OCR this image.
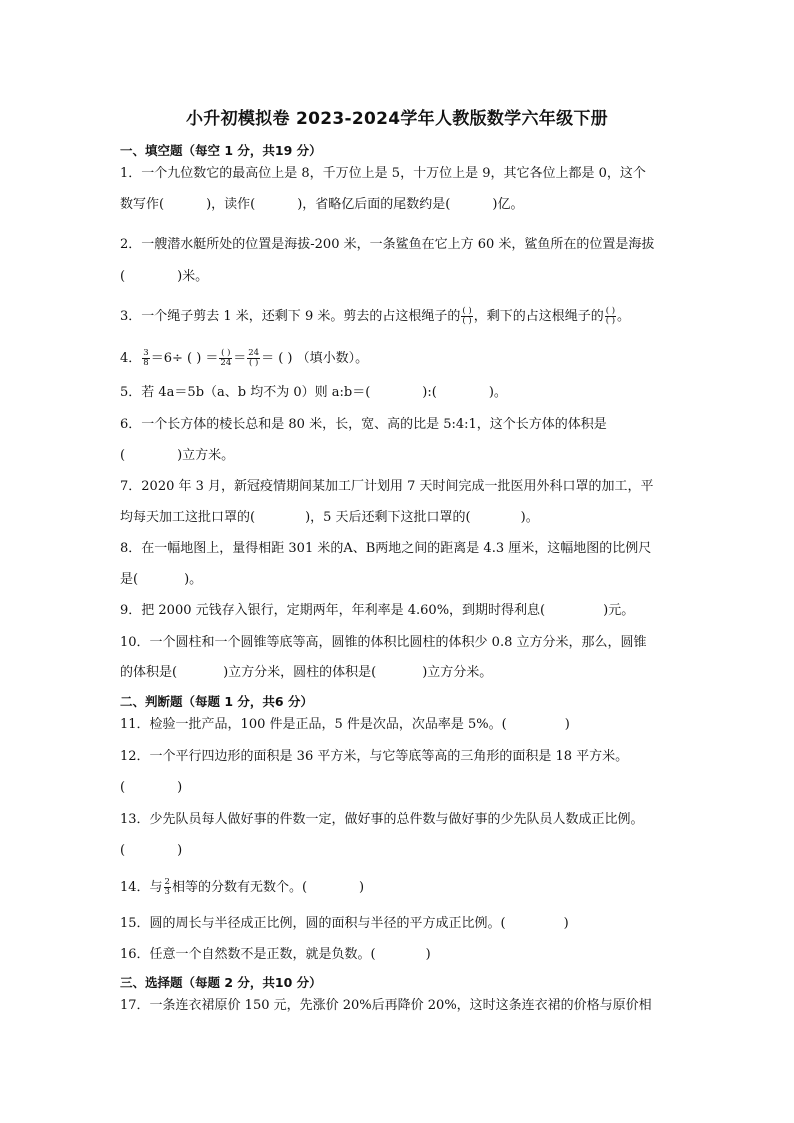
小升初模拟卷 2023-2024学年人教版数学六年级下册
一、填空题（每空 1 分，共19 分）
1．一个九位数它的最高位上是 8，千万位上是 5，十万位上是 9，其它各位上都是 0，这个
数写作(	)，读作(	)，省略亿后面的尾数约是(	)亿。
2．一艘潜水艇所处的位置是海拔-200 米，一条鲨鱼在它上方 60 米，鲨鱼所在的位置是海拔
(	)米。
3．一个绳子剪去 1 米，还剩下 9 米。剪去的占这根绳子的 $\frac{( )}{( )}$ ，剩下的占这根绳子的 $\frac{( )}{( )}$ 。
4． $\frac{3}{8} =6\div$ ( ) ＝ $\frac{( )}{24} = \frac{24}{( )}$ ＝ ( ) （填小数）。
5．若 4a＝5b（a、b 均不为 0）则 a:b＝(	):(	)。
6．一个长方体的棱长总和是 80 米，长，宽、高的比是 5:4:1，这个长方体的体积是
(	)立方米。
7．2020 年 3 月，新冠疫情期间某加工厂计划用 7 天时间完成一批医用外科口罩的加工，平
均每天加工这批口罩的(	)，5 天后还剩下这批口罩的(	)。
8．在一幅地图上，量得相距 301 米的A、B两地之间的距离是 4.3 厘米，这幅地图的比例尺
是(	)。
9．把 2000 元钱存入银行，定期两年，年利率是 4.60%，到期时得利息(	)元。
10．一个圆柱和一个圆锥等底等高，圆锥的体积比圆柱的体积少 0.8 立方分米，那么，圆锥
的体积是(	)立方分米，圆柱的体积是(	)立方分米。
二、判断题（每题 1 分，共6 分）
11．检验一批产品，100 件是正品，5 件是次品，次品率是 5%。(	)
12．一个平行四边形的面积是 36 平方米，与它等底等高的三角形的面积是 18 平方米。
(	)
13．少先队员每人做好事的件数一定，做好事的总件数与做好事的少先队员人数成正比例。
(	)
14．与 $\frac{2}{3}$ 相等的分数有无数个。(	)
15．圆的周长与半径成正比例，圆的面积与半径的平方成正比例。(	)
16．任意一个自然数不是正数，就是负数。(	)
三、选择题（每题 2 分，共10 分）
17．一条连衣裙原价 150 元，先涨价 20%后再降价 20%，这时这条连衣裙的价格与原价相
